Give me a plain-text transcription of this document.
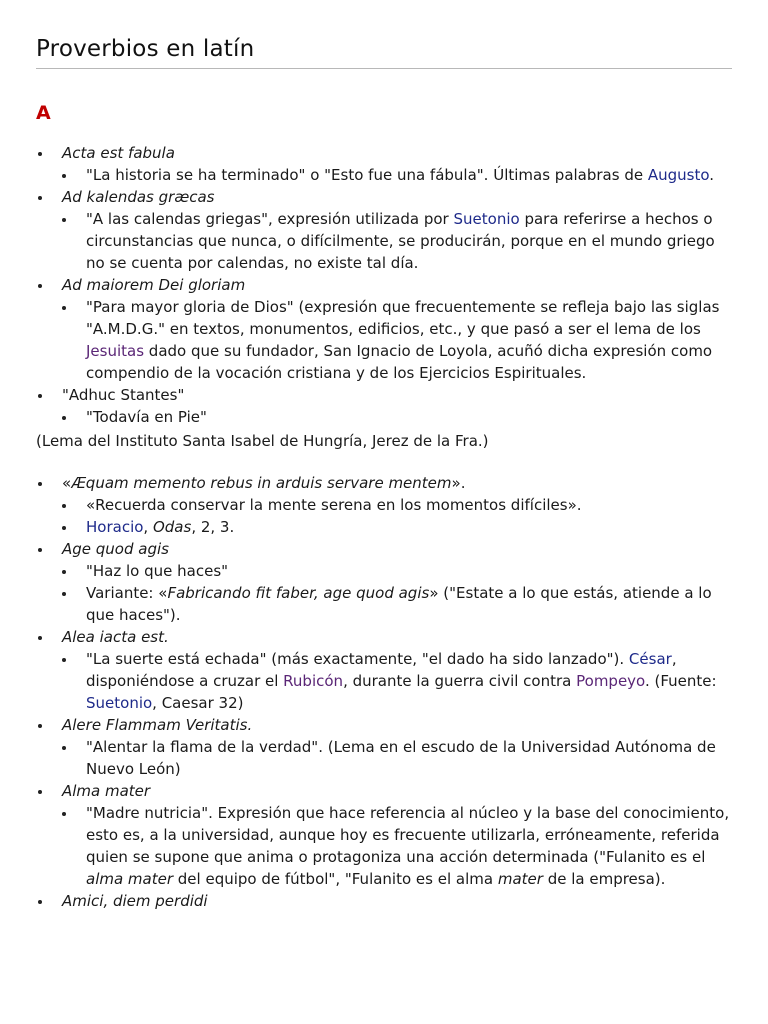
Proverbios en latín
A
Acta est fabula
"La historia se ha terminado" o "Esto fue una fábula". Últimas palabras de Augusto.
Ad kalendas græcas
"A las calendas griegas", expresión utilizada por Suetonio para referirse a hechos o circunstancias que nunca, o difícilmente, se producirán, porque en el mundo griego no se cuenta por calendas, no existe tal día.
Ad maiorem Dei gloriam
"Para mayor gloria de Dios" (expresión que frecuentemente se refleja bajo las siglas "A.M.D.G." en textos, monumentos, edificios, etc., y que pasó a ser el lema de los Jesuitas dado que su fundador, San Ignacio de Loyola, acuñó dicha expresión como compendio de la vocación cristiana y de los Ejercicios Espirituales.
"Adhuc Stantes"
"Todavía en Pie"

(Lema del Instituto Santa Isabel de Hungría, Jerez de la Fra.)

«Æquam memento rebus in arduis servare mentem».
«Recuerda conservar la mente serena en los momentos difíciles».
Horacio, Odas, 2, 3.
Age quod agis
"Haz lo que haces"
Variante: «Fabricando fit faber, age quod agis» ("Estate a lo que estás, atiende a lo que haces").
Alea iacta est.
"La suerte está echada" (más exactamente, "el dado ha sido lanzado"). César, disponiéndose a cruzar el Rubicón, durante la guerra civil contra Pompeyo. (Fuente: Suetonio, Caesar 32)
Alere Flammam Veritatis.
"Alentar la flama de la verdad". (Lema en el escudo de la Universidad Autónoma de Nuevo León)
Alma mater
"Madre nutricia". Expresión que hace referencia al núcleo y la base del conocimiento, esto es, a la universidad, aunque hoy es frecuente utilizarla, erróneamente, referida quien se supone que anima o protagoniza una acción determinada ("Fulanito es el alma mater del equipo de fútbol", "Fulanito es el alma mater de la empresa).
Amici, diem perdidi
